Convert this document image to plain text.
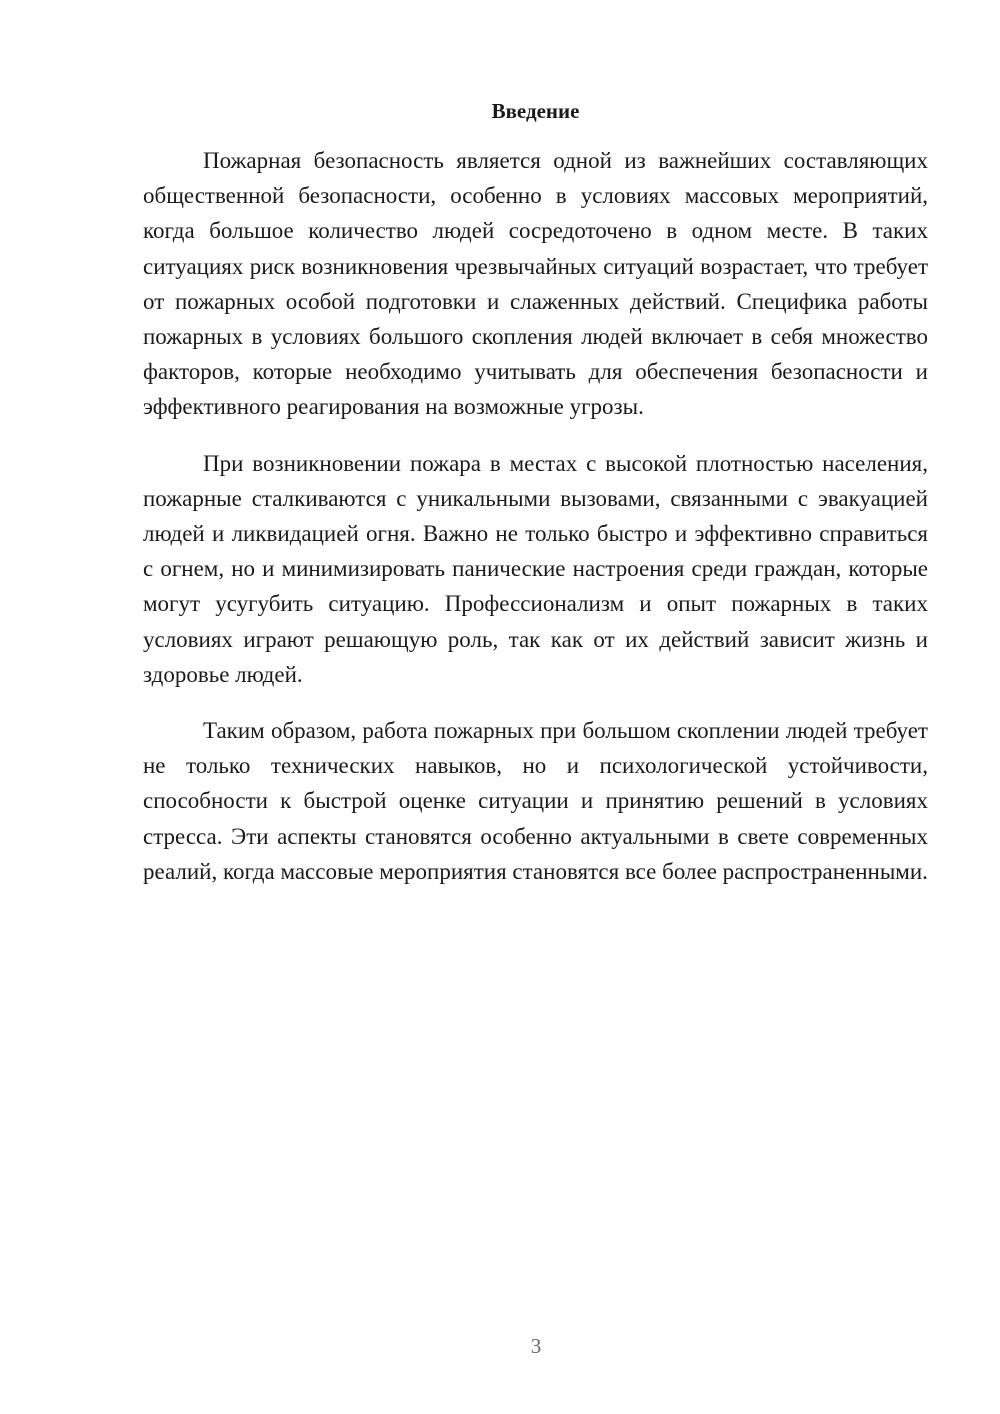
Введение

Пожарная безопасность является одной из важнейших составляющих общественной безопасности, особенно в условиях массовых мероприятий, когда большое количество людей сосредоточено в одном месте. В таких ситуациях риск возникновения чрезвычайных ситуаций возрастает, что требует от пожарных особой подготовки и слаженных действий. Специфика работы пожарных в условиях большого скопления людей включает в себя множество факторов, которые необходимо учитывать для обеспечения безопасности и эффективного реагирования на возможные угрозы.

При возникновении пожара в местах с высокой плотностью населения, пожарные сталкиваются с уникальными вызовами, связанными с эвакуацией людей и ликвидацией огня. Важно не только быстро и эффективно справиться с огнем, но и минимизировать панические настроения среди граждан, которые могут усугубить ситуацию. Профессионализм и опыт пожарных в таких условиях играют решающую роль, так как от их действий зависит жизнь и здоровье людей.

Таким образом, работа пожарных при большом скоплении людей требует не только технических навыков, но и психологической устойчивости, способности к быстрой оценке ситуации и принятию решений в условиях стресса. Эти аспекты становятся особенно актуальными в свете современных реалий, когда массовые мероприятия становятся все более распространенными.

3
